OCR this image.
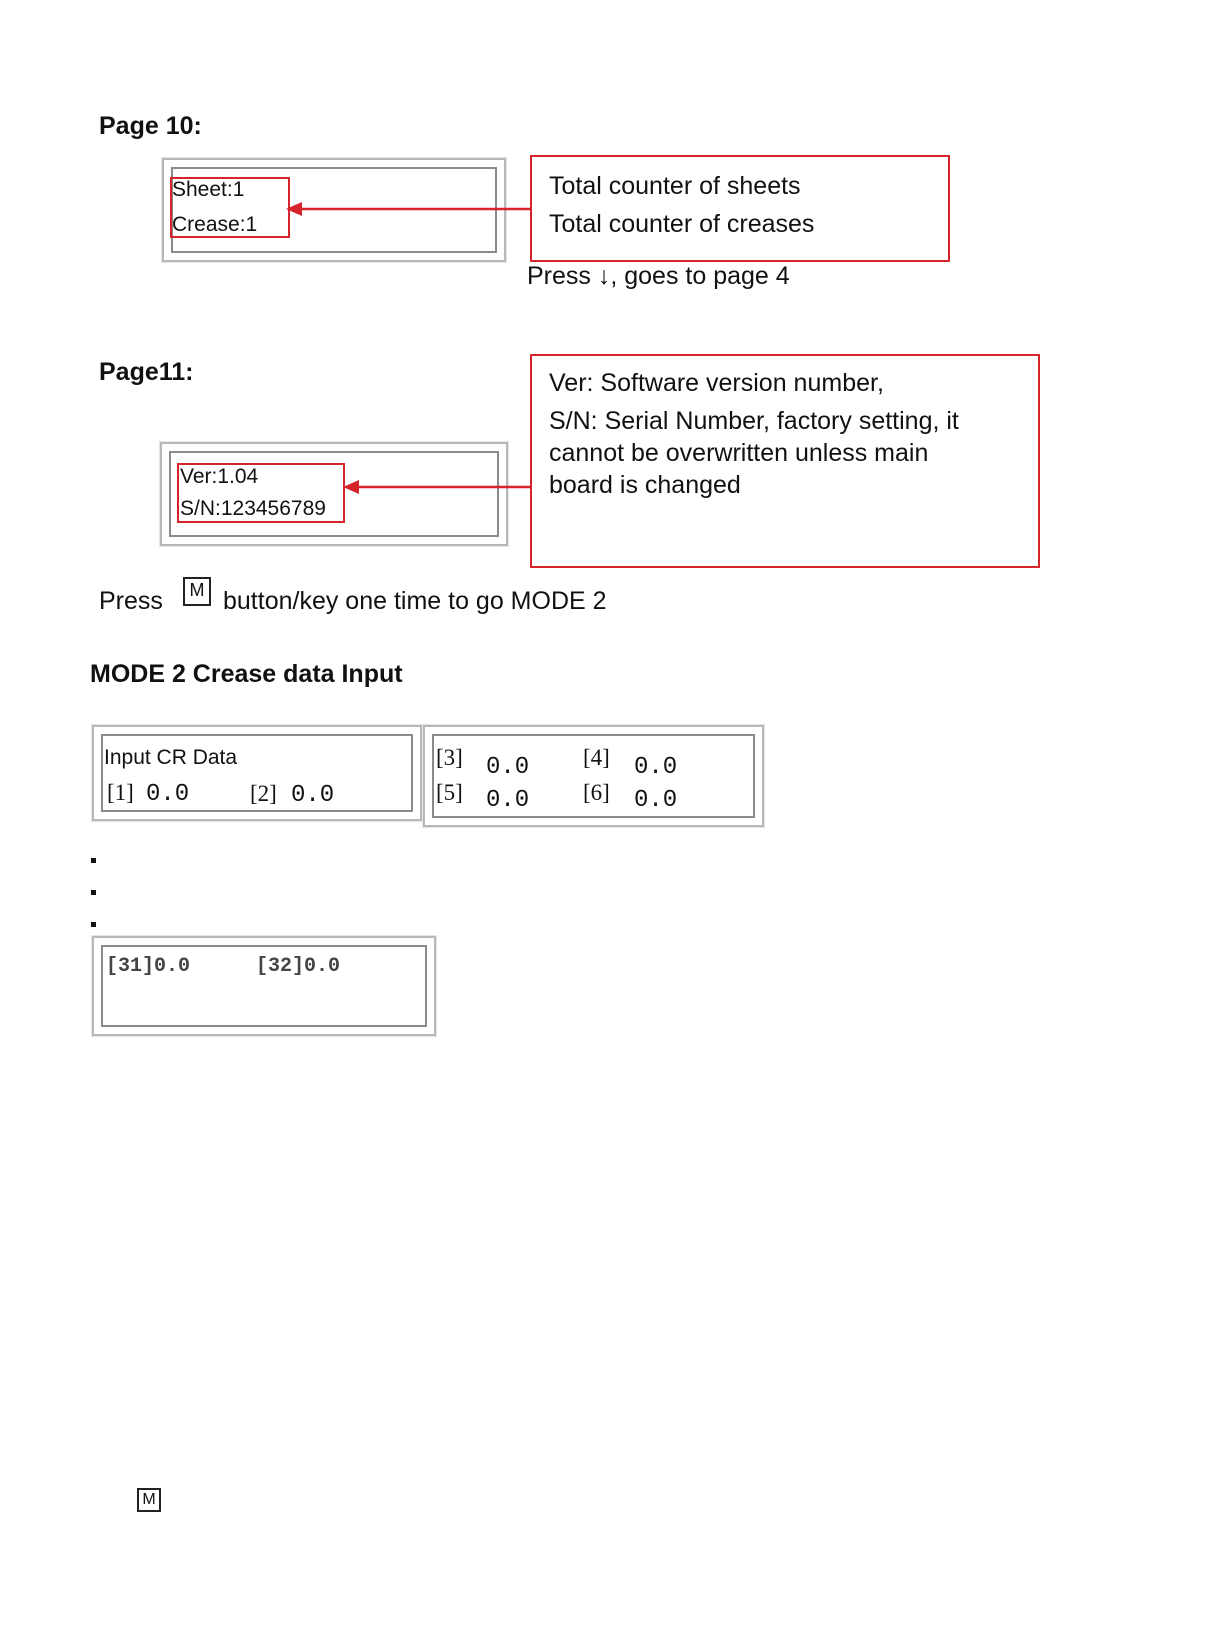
Page 10:
Sheet:1
Crease:1
Total counter of sheets
Total counter of creases
Press ↓, goes to page 4
Page11:
Ver:1.04
S/N:123456789
Ver: Software version number,
S/N: Serial Number, factory setting, it
cannot be overwritten unless main
board is changed
Press	M button/key one time to go MODE 2
MODE 2 Crease data Input
Input CR Data
[1] 0.0	[2] 0.0
[3] 0.0 [4] 0.0
[5] 0.0 [6] 0.0
[31]0.0	[32]0.0
M
